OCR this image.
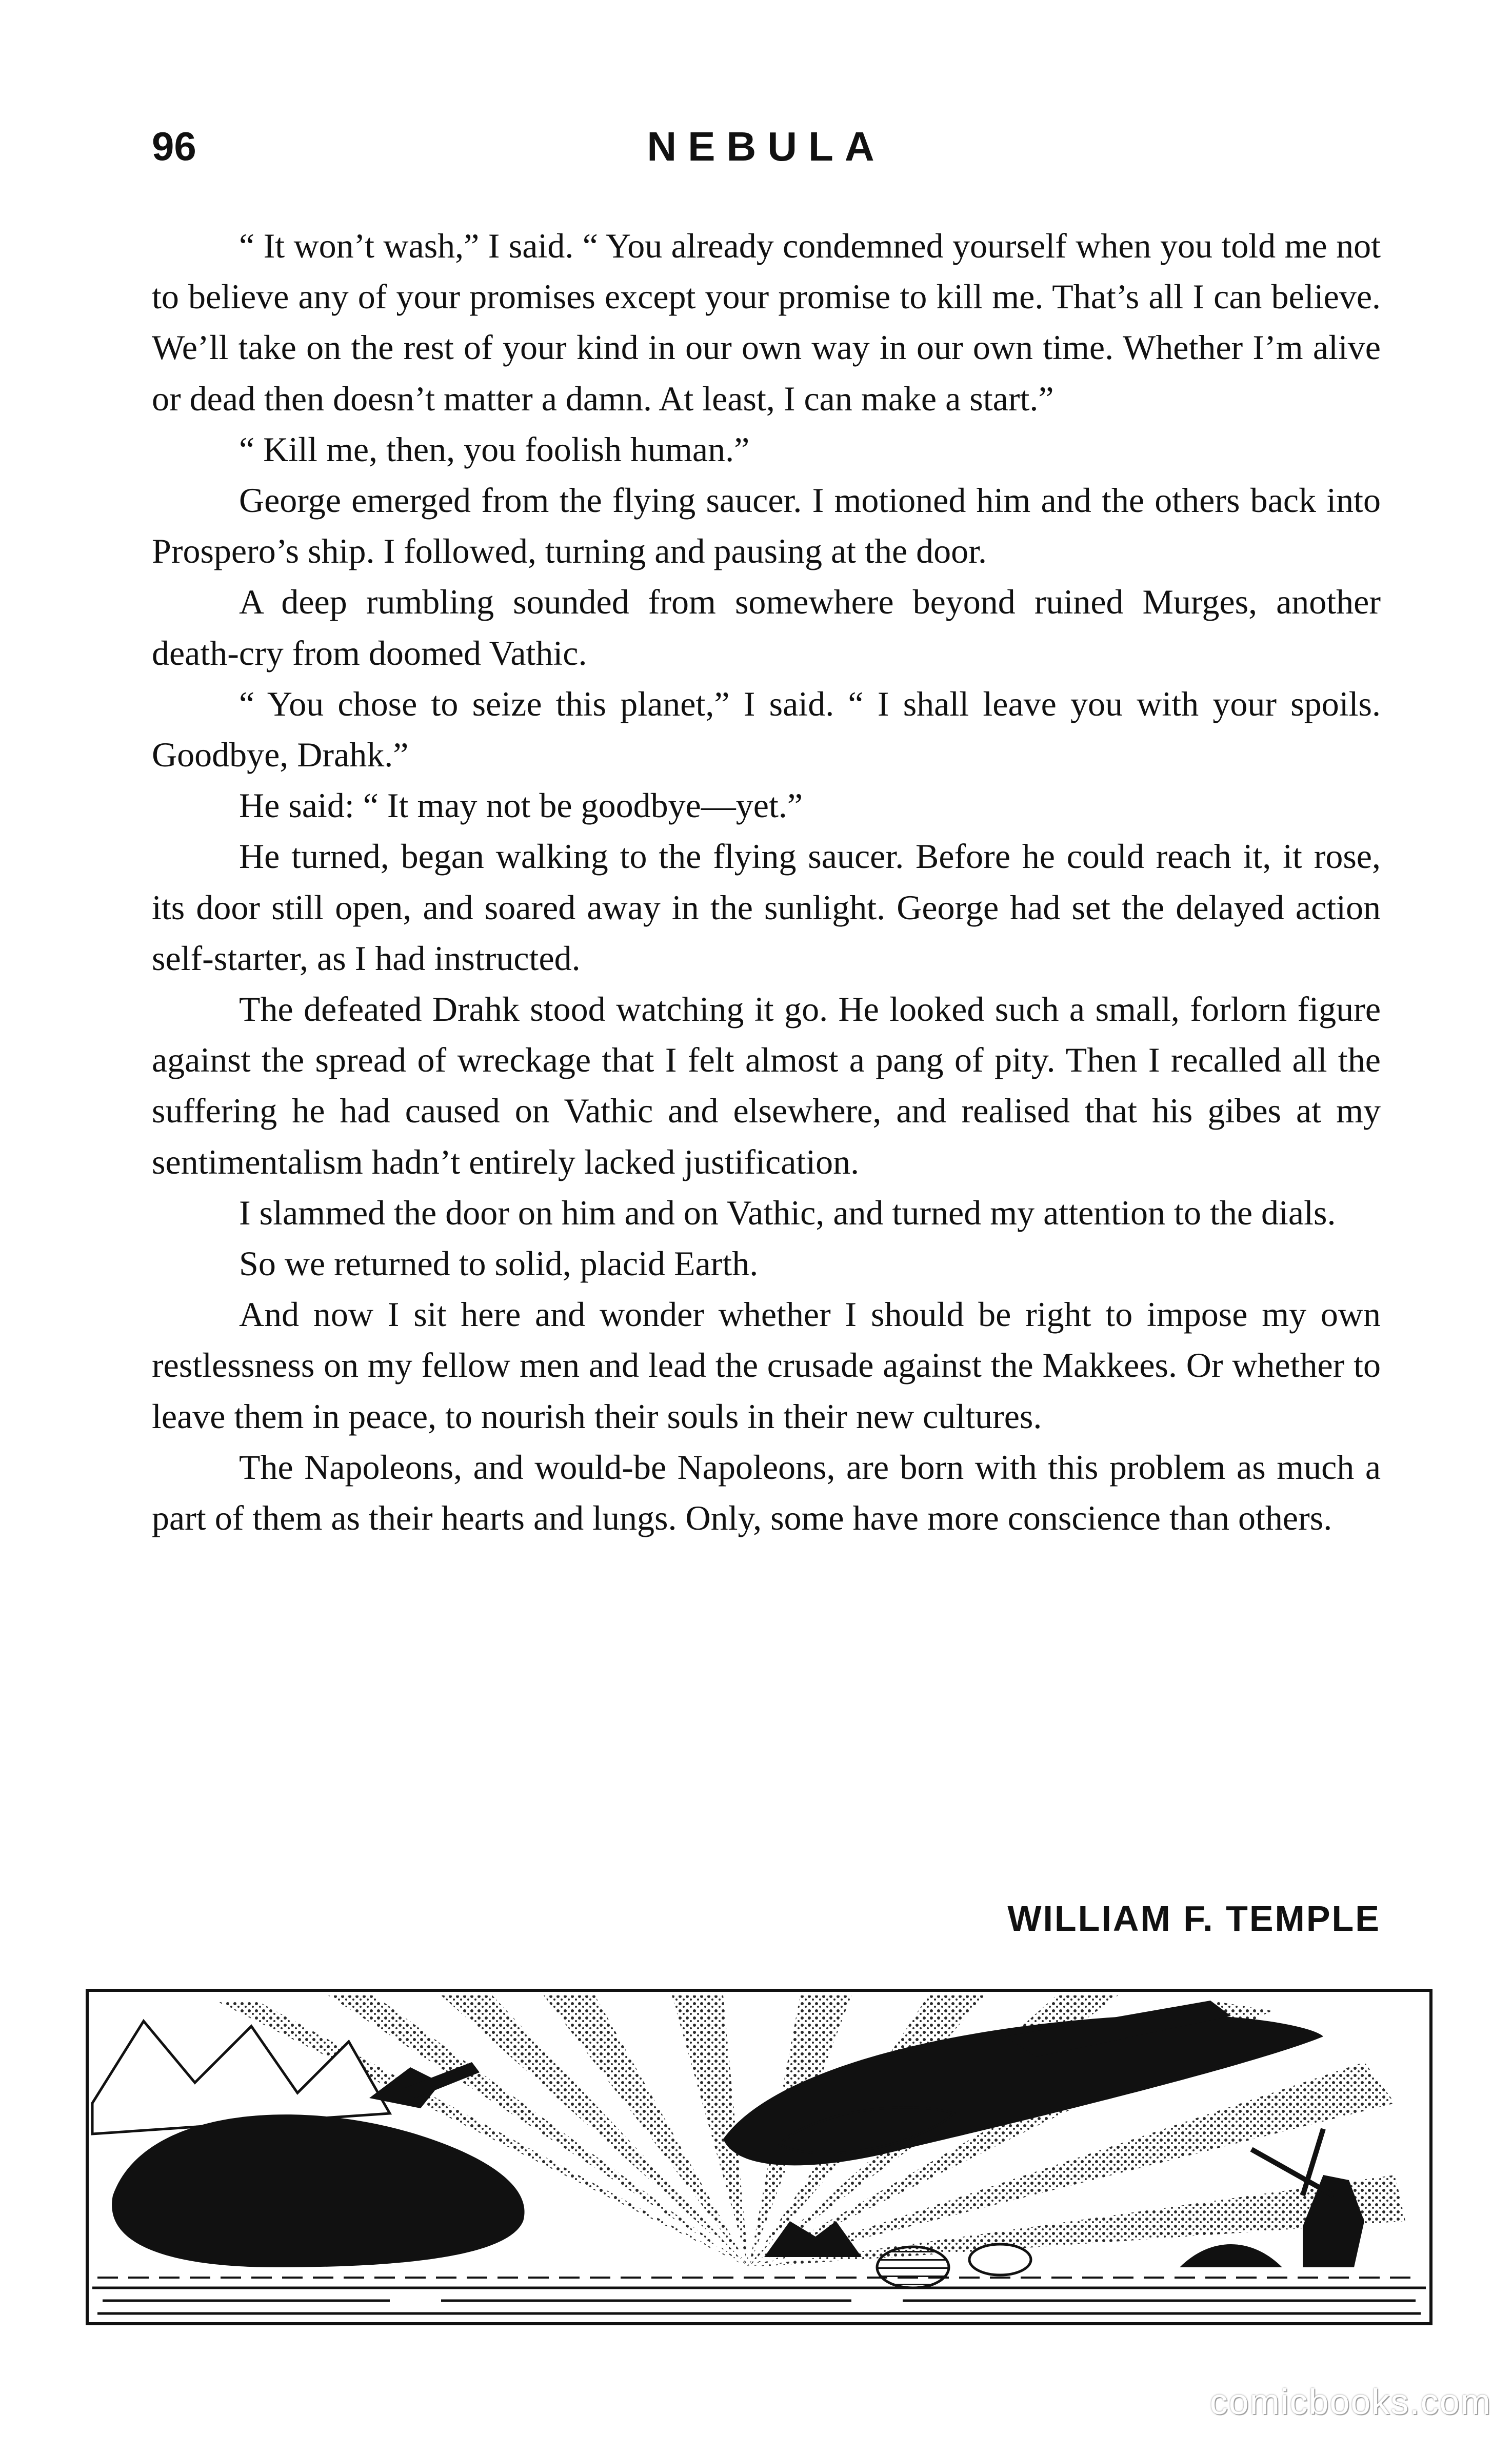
96	NEBULA

“ It won’t wash,” I said. “ You already condemned yourself when you told me not to believe any of your promises except your promise to kill me. That’s all I can believe. We’ll take on the rest of your kind in our own way in our own time. Whether I’m alive or dead then doesn’t matter a damn. At least, I can make a start.”

“ Kill me, then, you foolish human.”

George emerged from the flying saucer. I motioned him and the others back into Prospero’s ship. I followed, turning and pausing at the door.

A deep rumbling sounded from somewhere beyond ruined Murges, another death-cry from doomed Vathic.

“ You chose to seize this planet,” I said. “ I shall leave you with your spoils. Goodbye, Drahk.”

He said: “ It may not be goodbye—yet.”

He turned, began walking to the flying saucer. Before he could reach it, it rose, its door still open, and soared away in the sunlight. George had set the delayed action self-starter, as I had instructed.

The defeated Drahk stood watching it go. He looked such a small, forlorn figure against the spread of wreckage that I felt almost a pang of pity. Then I recalled all the suffering he had caused on Vathic and elsewhere, and realised that his gibes at my sentimentalism hadn’t entirely lacked justification.

I slammed the door on him and on Vathic, and turned my attention to the dials.

So we returned to solid, placid Earth.

And now I sit here and wonder whether I should be right to impose my own restlessness on my fellow men and lead the crusade against the Makkees. Or whether to leave them in peace, to nourish their souls in their new cultures.

The Napoleons, and would-be Napoleons, are born with this problem as much a part of them as their hearts and lungs. Only, some have more conscience than others.

WILLIAM F. TEMPLE
comicbooks.com
